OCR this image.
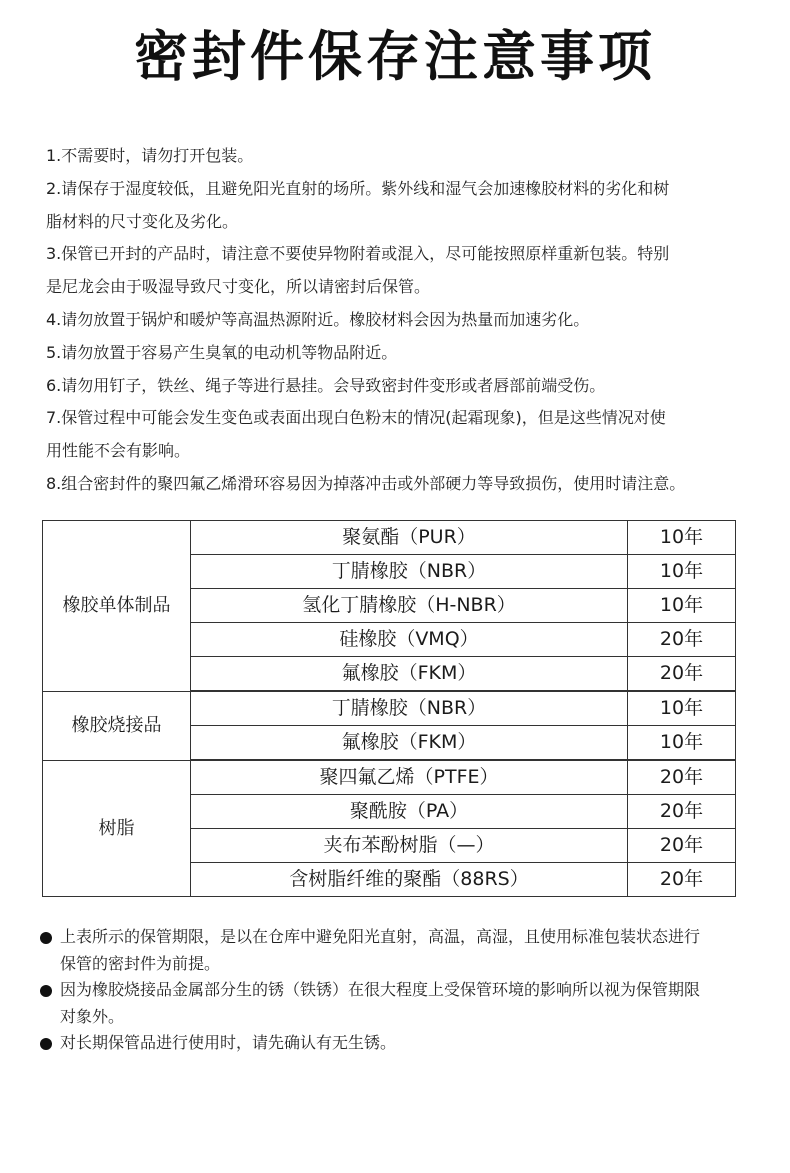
密封件保存注意事项

1.不需要时，请勿打开包装。

2.请保存于湿度较低，且避免阳光直射的场所。紫外线和湿气会加速橡胶材料的劣化和树

脂材料的尺寸变化及劣化。

3.保管已开封的产品时，请注意不要使异物附着或混入，尽可能按照原样重新包装。特别

是尼龙会由于吸湿导致尺寸变化，所以请密封后保管。

4.请勿放置于锅炉和暖炉等高温热源附近。橡胶材料会因为热量而加速劣化。

5.请勿放置于容易产生臭氧的电动机等物品附近。

6.请勿用钉子，铁丝、绳子等进行悬挂。会导致密封件变形或者唇部前端受伤。

7.保管过程中可能会发生变色或表面出现白色粉末的情况(起霜现象)，但是这些情况对使

用性能不会有影响。

8.组合密封件的聚四氟乙烯滑环容易因为掉落冲击或外部硬力等导致损伤，使用时请注意。

橡胶单体制品	聚氨酯（PUR）	10年
	丁腈橡胶（NBR）	10年
	氢化丁腈橡胶（H-NBR）	10年
	硅橡胶（VMQ）	20年
	氟橡胶（FKM）	20年
橡胶烧接品	丁腈橡胶（NBR）	10年
	氟橡胶（FKM）	10年
树脂	聚四氟乙烯（PTFE）	20年
	聚酰胺（PA）	20年
	夹布苯酚树脂（—）	20年
	含树脂纤维的聚酯（88RS）	20年
上表所示的保管期限，是以在仓库中避免阳光直射，高温，高湿，且使用标准包装状态进行
保管的密封件为前提。
因为橡胶烧接品金属部分生的锈（铁锈）在很大程度上受保管环境的影响所以视为保管期限
对象外。
对长期保管品进行使用时，请先确认有无生锈。
